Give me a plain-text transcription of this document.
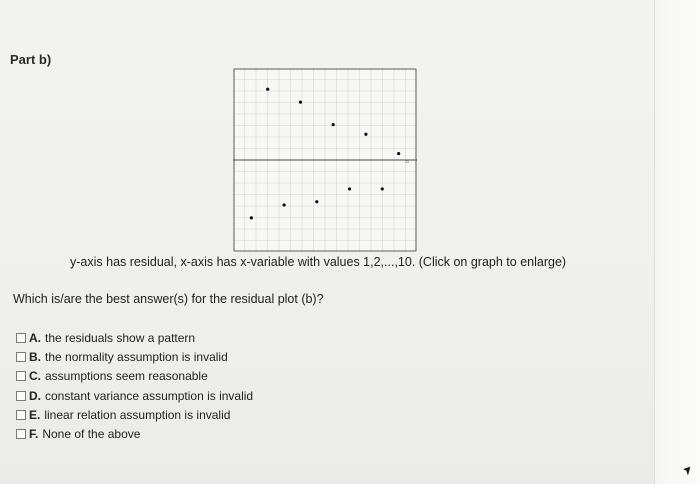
Part b)
11
y-axis has residual, x-axis has x-variable with values 1,2,...,10. (Click on graph to enlarge)
Which is/are the best answer(s) for the residual plot (b)?
A. the residuals show a pattern
B. the normality assumption is invalid
C. assumptions seem reasonable
D. constant variance assumption is invalid
E. linear relation assumption is invalid
F. None of the above
